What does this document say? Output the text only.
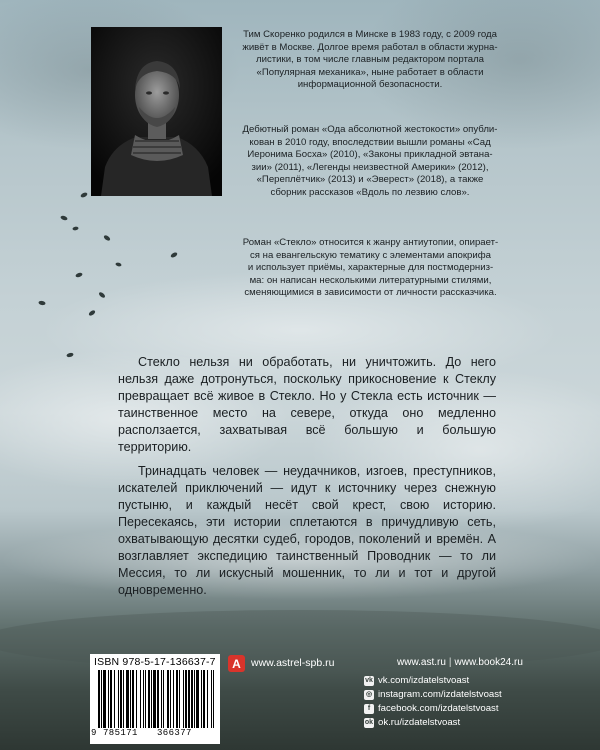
Тим Скоренко родился в Минске в 1983 году, с 2009 года
живёт в Москве. Долгое время работал в области журна-
листики, в том числе главным редактором портала
«Популярная механика», ныне работает в области
информационной безопасности.

Дебютный роман «Ода абсолютной жестокости» опубли-
кован в 2010 году, впоследствии вышли романы «Сад
Иеронима Босха» (2010), «Законы прикладной эвтана-
зии» (2011), «Легенды неизвестной Америки» (2012),
«Переплётчик» (2013) и «Эверест» (2018), а также
сборник рассказов «Вдоль по лезвию слов».

Роман «Стекло» относится к жанру антиутопии, опирает-
ся на евангельскую тематику с элементами апокрифа
и использует приёмы, характерные для постмодерниз-
ма: он написан несколькими литературными стилями,
сменяющимися в зависимости от личности рассказчика.

Стекло нельзя ни обработать, ни уничтожить. До него нельзя даже дотронуться, поскольку прикосновение к Стеклу превращает всё живое в Стекло. Но у Стекла есть источник — таинственное место на севере, откуда оно медленно расползается, захватывая всё большую и большую территорию.

Тринадцать человек — неудачников, изгоев, преступников, искателей приключений — идут к источнику через снежную пустыню, и каждый несёт свой крест, свою историю. Пересекаясь, эти истории сплетаются в причудливую сеть, охватывающую десятки судеб, городов, поколений и времён. А возглавляет экспедицию таинственный Проводник — то ли Мессия, то ли искусный мошенник, то ли и тот и другой одновременно.

ISBN 978-5-17-136637-7
9 785171 366377
А www.astrel-spb.ru	www.ast.ru | www.book24.ru
vk vk.com/izdatelstvoast
◎ instagram.com/izdatelstvoast
f facebook.com/izdatelstvoast
ok ok.ru/izdatelstvoast
